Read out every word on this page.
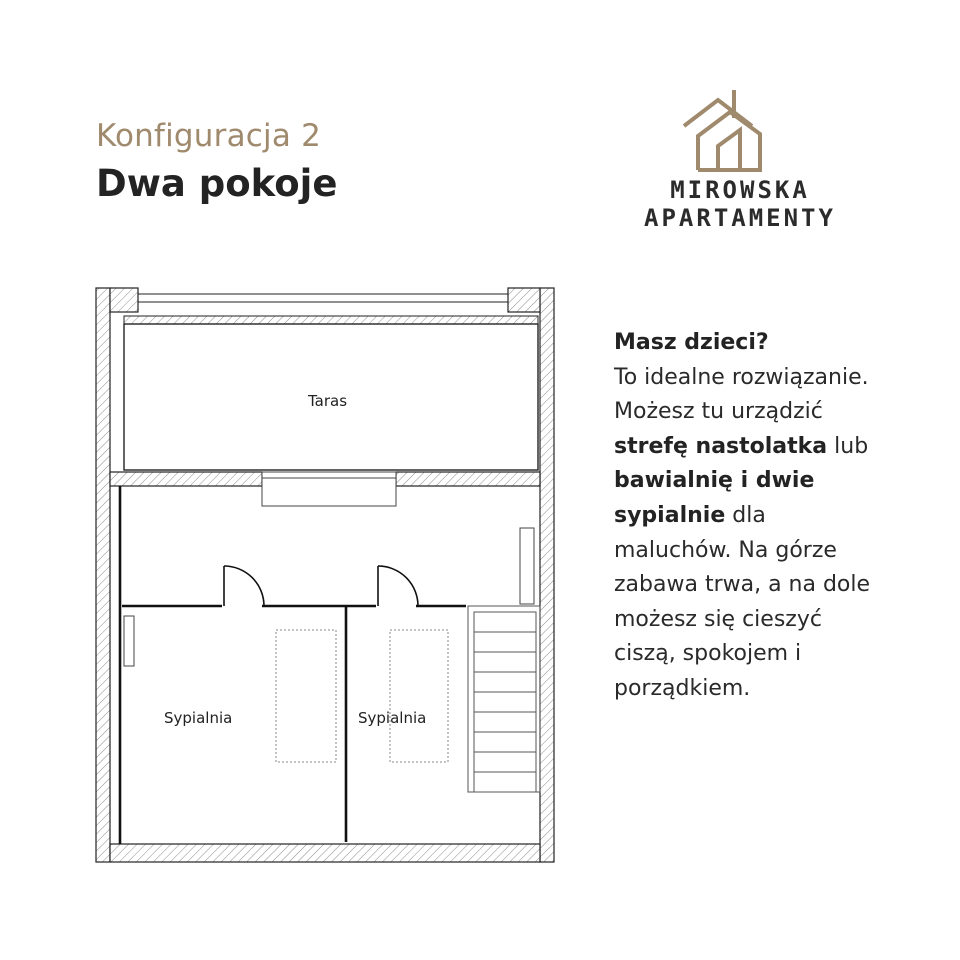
Konfiguracja 2
Dwa pokoje	MIROWSKA
APARTAMENTY
Taras
Sypialnia	Sypialnia
Masz dzieci?
To idealne rozwiązanie. Możesz tu urządzić strefę nastolatka lub bawialnię i dwie sypialnie dla maluchów. Na górze zabawa trwa, a na dole możesz się cieszyć ciszą, spokojem i porządkiem.
